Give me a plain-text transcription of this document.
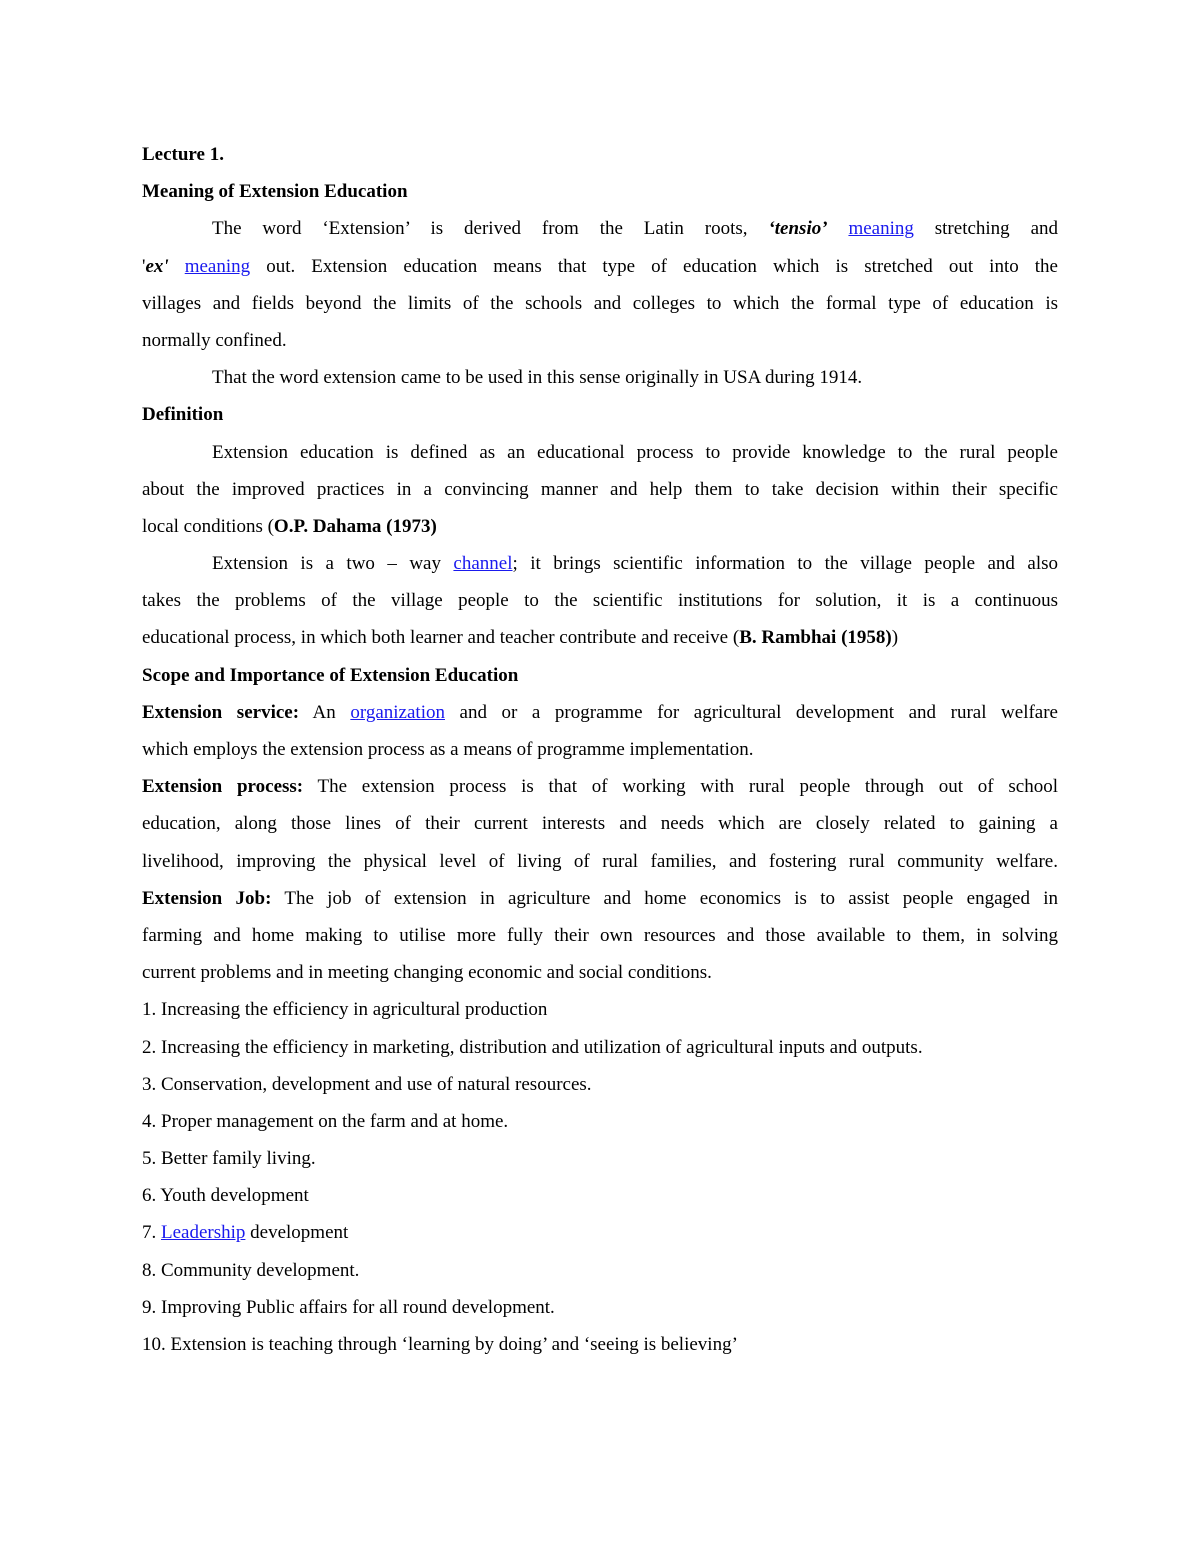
Lecture 1.
Meaning of Extension Education
The word ‘Extension’ is derived from the Latin roots, ‘tensio’ meaning stretching and
'ex' meaning out. Extension education means that type of education which is stretched out into the
villages and fields beyond the limits of the schools and colleges to which the formal type of education is
normally confined.
That the word extension came to be used in this sense originally in USA during 1914.
Definition
Extension education is defined as an educational process to provide knowledge to the rural people
about the improved practices in a convincing manner and help them to take decision within their specific
local conditions (O.P. Dahama (1973)
Extension is a two – way channel; it brings scientific information to the village people and also
takes the problems of the village people to the scientific institutions for solution, it is a continuous
educational process, in which both learner and teacher contribute and receive (B. Rambhai (1958))
Scope and Importance of Extension Education
Extension service: An organization and or a programme for agricultural development and rural welfare
which employs the extension process as a means of programme implementation.
Extension process: The extension process is that of working with rural people through out of school
education, along those lines of their current interests and needs which are closely related to gaining a
livelihood, improving the physical level of living of rural families, and fostering rural community welfare.
Extension Job: The job of extension in agriculture and home economics is to assist people engaged in
farming and home making to utilise more fully their own resources and those available to them, in solving
current problems and in meeting changing economic and social conditions.
1. Increasing the efficiency in agricultural production
2. Increasing the efficiency in marketing, distribution and utilization of agricultural inputs and outputs.
3. Conservation, development and use of natural resources.
4. Proper management on the farm and at home.
5. Better family living.
6. Youth development
7. Leadership development
8. Community development.
9. Improving Public affairs for all round development.
10. Extension is teaching through ‘learning by doing’ and ‘seeing is believing’
